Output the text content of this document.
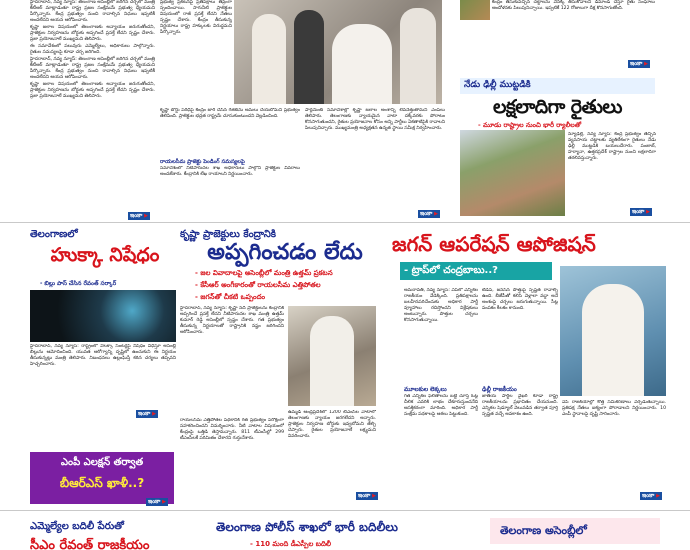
హైదరాబాద్, నవ్య న్యూస్: తెలంగాణ అసెంబ్లీలో జరిగిన చర్చలో మంత్రి కేటీఆర్ మాట్లాడుతూ రాష్ట్ర ప్రజల సంక్షేమమే ప్రభుత్వ ధ్యేయమని పేర్కొన్నారు. కేంద్ర ప్రభుత్వం నుంచి రావాల్సిన నిధులు ఇప్పటికీ అందలేదని ఆయన ఆరోపించారు.

కృష్ణా జలాల విషయంలో తెలంగాణకు అన్యాయం జరుగుతోందని, ప్రాజెక్టుల నిర్వహణను బోర్డుకు అప్పగించే ప్రసక్తే లేదని స్పష్టం చేశారు. ప్రజా ప్రయోజనాలే ముఖ్యమని తెలిపారు.

ఈ సమావేశంలో పలువురు ఎమ్మెల్యేలు, అధికారులు పాల్గొన్నారు. రైతుల సమస్యలపై కూడా చర్చ జరిగింది.

హైదరాబాద్, నవ్య న్యూస్: తెలంగాణ అసెంబ్లీలో జరిగిన చర్చలో మంత్రి కేటీఆర్ మాట్లాడుతూ రాష్ట్ర ప్రజల సంక్షేమమే ప్రభుత్వ ధ్యేయమని పేర్కొన్నారు. కేంద్ర ప్రభుత్వం నుంచి రావాల్సిన నిధులు ఇప్పటికీ అందలేదని ఆయన ఆరోపించారు.

కృష్ణా జలాల విషయంలో తెలంగాణకు అన్యాయం జరుగుతోందని, ప్రాజెక్టుల నిర్వహణను బోర్డుకు అప్పగించే ప్రసక్తే లేదని స్పష్టం చేశారు. ప్రజా ప్రయోజనాలే ముఖ్యమని తెలిపారు.

ఇంకా ▶
ప్రభుత్వ ప్రకటనపై ప్రతిపక్షాలు తీవ్రంగా స్పందించాయి. సాగునీటి ప్రాజెక్టుల విషయంలో రాజీ ప్రసక్తే లేదని నేతలు స్పష్టం చేశారు. కేంద్రం తీసుకున్న నిర్ణయాలు రాష్ట్ర హక్కులకు విరుద్ధమని పేర్కొన్నారు.
కృష్ణా బోర్డు పరిధిపై కేంద్రం జారీ చేసిన గెజిట్‌ను అమలు చేయబోమని ప్రభుత్వం తెలిపింది. ప్రాజెక్టుల భద్రత రాష్ట్రమే చూసుకుంటుందని వెల్లడించింది.
రాయలసీమ ప్రాజెక్టు పెండింగ్ సమస్యలపై
సమావేశంలో నీటిపారుదల శాఖ అధికారులు పాల్గొని ప్రాజెక్టుల వివరాలు అందజేశారు. కేంద్రానికి లేఖ రాయాలని నిర్ణయించారు.
పార్లమెంట్ సమావేశాల్లో కృష్ణా జలాల అంశాన్ని లేవనెత్తుతామని ఎంపీలు తెలిపారు. తెలంగాణకు న్యాయమైన వాటా దక్కేవరకు పోరాటం కొనసాగుతుందని, రైతుల ప్రయోజనాల కోసం అన్ని పార్టీలు ఏకతాటిపైకి రావాలని పిలుపునిచ్చారు. ముఖ్యమంత్రి అధ్యక్షతన ఉన్నత స్థాయి సమీక్ష నిర్వహించారు.
ఇంకా ▶
కేంద్రం తీసుకువచ్చిన చట్టాలను వెనక్కి తీసుకోవాలని డిమాండ్ చేస్తూ రైతు సంఘాలు ఆందోళనకు పిలుపునిచ్చాయి. ఇప్పటికే 122 రోజులుగా దీక్ష కొనసాగుతోంది.
ఇంకా ▶
నేడు ఢిల్లీ ముట్టడికి
లక్షలాదిగా రైతులు
- మూడు రాష్ట్రాల నుంచి భారీ ర్యాలీలతో
న్యూఢిల్లీ, నవ్య న్యూస్: కేంద్ర ప్రభుత్వం తెచ్చిన వ్యవసాయ చట్టాలకు వ్యతిరేకంగా రైతులు నేడు ఢిల్లీ ముట్టడికి బయలుదేరారు. పంజాబ్, హర్యానా, ఉత్తరప్రదేశ్ రాష్ట్రాల నుంచి లక్షలాదిగా తరలివస్తున్నారు.
ఇంకా ▶
తెలంగాణలో
హుక్కా నిషేధం
- బిల్లు పాస్ చేసిన రేవంత్ సర్కార్
హైదరాబాద్, నవ్య న్యూస్: రాష్ట్రంలో హుక్కా సెంటర్లపై నిషేధం విధిస్తూ అసెంబ్లీ బిల్లును ఆమోదించింది. యువత ఆరోగ్యాన్ని దృష్టిలో ఉంచుకుని ఈ నిర్ణయం తీసుకున్నట్లు మంత్రి తెలిపారు. నిబంధనలు ఉల్లంఘిస్తే కఠిన చర్యలు తప్పవని హెచ్చరించారు.
ఇంకా ▶
ఎంపీ ఎలక్షన్ తర్వాత
బీఆర్ఎస్ ఖాళీ..?
ఇంకా ▶
కృష్ణా ప్రాజెక్టులు కేంద్రానికి
అప్పగించడం లేదు
- జల వివాదాలపై అసెంబ్లీలో మంత్రి ఉత్తమ్ ప్రకటన
- కేసీఆర్ అంగీకారంతో రాయలసీమ ఎత్తిపోతల
- జగన్‌తో చీకటి ఒప్పందం
హైదరాబాద్, నవ్య న్యూస్: కృష్ణా నది ప్రాజెక్టులను కేంద్రానికి అప్పగించే ప్రసక్తే లేదని నీటిపారుదల శాఖ మంత్రి ఉత్తమ్ కుమార్ రెడ్డి అసెంబ్లీలో స్పష్టం చేశారు. గత ప్రభుత్వం తీసుకున్న నిర్ణయాలతో రాష్ట్రానికి నష్టం జరిగిందని ఆరోపించారు.
ఉమ్మడి ఆంధ్రప్రదేశ్‌లో 1200 టీఎంసీల వాటాలో తెలంగాణకు న్యాయం జరగలేదని అన్నారు. ప్రాజెక్టుల నిర్వహణ బోర్డుకు ఇవ్వబోమని తేల్చి చెప్పారు. రైతుల ప్రయోజనాలే లక్ష్యమని వివరించారు.
రాయలసీమ ఎత్తిపోతల పథకానికి గత ప్రభుత్వం పరోక్షంగా సహకరించిందని విమర్శించారు. నీటి వాటాల విషయంలో కేంద్రంపై ఒత్తిడి తెస్తామన్నారు. 811 టీఎంసీల్లో 299 టీఎంసీలకే పరిమితం చేశారని గుర్తుచేశారు.
ఇంకా ▶
జగన్ ఆపరేషన్ ఆపోజిషన్
- ట్రాప్‌లో చంద్రబాబు..?
అమరావతి, నవ్య న్యూస్: ఏపీలో ఎన్నికల రాజకీయం వేడెక్కింది. ప్రతిపక్షాలను బలహీనపరిచేందుకు అధికార పార్టీ వ్యూహాలు రచిస్తోందని విశ్లేషకులు అంటున్నారు. పొత్తుల చర్చలు కొనసాగుతున్నాయి.
టీడీపీ, జనసేన పొత్తుపై స్పష్టత రావాల్సి ఉంది. బీజేపీతో కలిసి వెళ్లాలా వద్దా అనే అంశంపై చర్చలు జరుగుతున్నాయి. సీట్ల పంపకం కీలకం కానుంది.
మూలకుల లెక్కలు
గత ఎన్నికల ఫలితాలను బట్టి చూస్తే ఓట్ల చీలిక ఎవరికి లాభం చేకూరుస్తుందనేది ఆసక్తికరంగా మారింది. అధికార పార్టీ సంక్షేమ పథకాలపై ఆశలు పెట్టుకుంది.
ఢిల్లీ రాజకీయం
జాతీయ పార్టీల వైఖరి కూడా రాష్ట్ర రాజకీయాలను ప్రభావితం చేయనుంది. ఎన్నికల షెడ్యూల్ వెలువడిన తర్వాత పూర్తి స్పష్టత వచ్చే అవకాశం ఉంది.
ఏపీ రాజకీయాల్లో కొత్త సమీకరణాలు ఏర్పడుతున్నాయి. ప్రతిపక్ష నేతలు ఐక్యంగా పోరాడాలని నిర్ణయించారు. 10 ఎంపీ స్థానాలపై దృష్టి సారించారు.
ఇంకా ▶
ఎమ్మెల్యేల బదిలీ పేరుతో
సీఎం రేవంత్ రాజకీయం
తెలంగాణ పోలీస్ శాఖలో భారీ బదిలీలు
- 110 మంది డీఎస్పీల బదిలీ
తెలంగాణ అసెంబ్లీలో
